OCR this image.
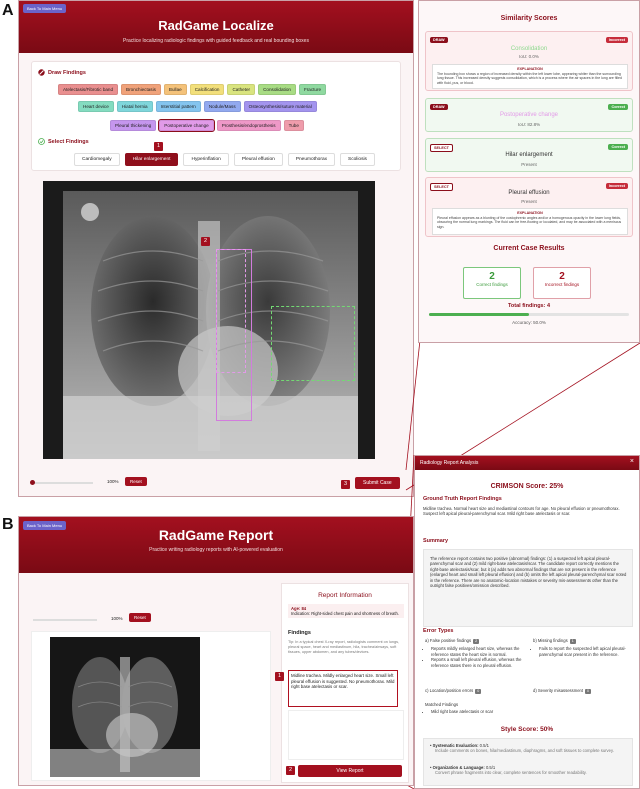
A
B
Back To Main Menu
RadGame Localize
Practice localizing radiologic findings with guided feedback and real bounding boxes
Draw Findings
Atelectasis/Fibrotic band	Bronchiectasis	Bullae	Calcification	Catheter	Consolidation	Fracture
Heart device	Hiatal hernia	Interstitial pattern	Nodule/Mass	Osteosynthesis/suture material
Pleural thickening	Postoperative change	Prosthesis/endoprosthesis	Tube
Select Findings
1
Cardiomegaly	Hilar enlargement	Hyperinflation	Pleural effusion	Pneumothorax	Scoliosis
2
100%	Reset	3	Submit Case
Similarity Scores
DRAW	Incorrect
Consolidation
IoU: 0.0%
EXPLANATION
The bounding box shows a region of increased density within the left lower lobe, appearing whiter than the surrounding lung tissue. This increased density suggests consolidation, which is a process where the air spaces in the lung are filled with fluid, pus, or blood.
DRAW	Correct
Postoperative change
IoU: 82.8%
SELECT	Correct
Hilar enlargement
Present
SELECT	Incorrect
Pleural effusion
Present
EXPLANATION
Pleural effusion appears as a blunting of the costophrenic angles and/or a homogenous opacity in the lower lung fields, obscuring the normal lung markings. The fluid can be free-flowing or loculated, and may be associated with a meniscus sign.
Current Case Results
2
Correct findings
2
Incorrect findings
Total findings: 4
Accuracy: 50.0%
Back To Main Menu
RadGame Report
Practice writing radiology reports with AI-powered evaluation
100%	Reset
Report Information
Age: 84
Indication: Right-sided chest pain and shortness of breath.
Findings
Tip: In a typical chest X-ray report, radiologists comment on lungs, pleural space, heart and mediastinum, hila, trachea/airways, soft tissues, upper abdomen, and any tubes/devices.
1	Midline trachea. Mildly enlarged heart size. Small left pleural effusion is suggested. No pneumothorax. Mild right base atelectasis or scar.
2	View Report
Radiology Report Analysis	×
CRIMSON Score: 25%
Ground Truth Report Findings
Midline trachea. Normal heart size and mediastinal contours for age. No pleural effusion or pneumothorax. Suspect left apical pleural-parenchymal scar. Mild right base atelectasis or scar.
Summary
The reference report contains two positive (abnormal) findings: (1) a suspected left apical pleural-parenchymal scar and (2) mild right-base atelectasis/scar. The candidate report correctly mentions the right-base atelectasis/scar, but it (a) adds two abnormal findings that are not present in the reference (enlarged heart and small left pleural effusion) and (b) omits the left apical pleural-parenchymal scar noted in the reference. There are no anatomic-location mistakes or severity mis-assessments other than the outright false positives/omission described.
Error Types
a) False positive findings 2
• Reports mildly enlarged heart size, whereas the reference states the heart size is normal.
• Reports a small left pleural effusion, whereas the reference states there is no pleural effusion.
b) Missing findings 1
• Fails to report the suspected left apical pleural-parenchymal scar present in the reference.
c) Location/position errors 0	d) Severity misassessment 0
Matched Findings
• Mild right base atelectasis or scar
Style Score: 50%
• Systematic Evaluation: 0.5/1
Include comments on bones, hila/mediastinum, diaphragms, and soft tissues to complete survey.
• Organization & Language: 0.5/1
Convert phrase fragments into clear, complete sentences for smoother readability.
